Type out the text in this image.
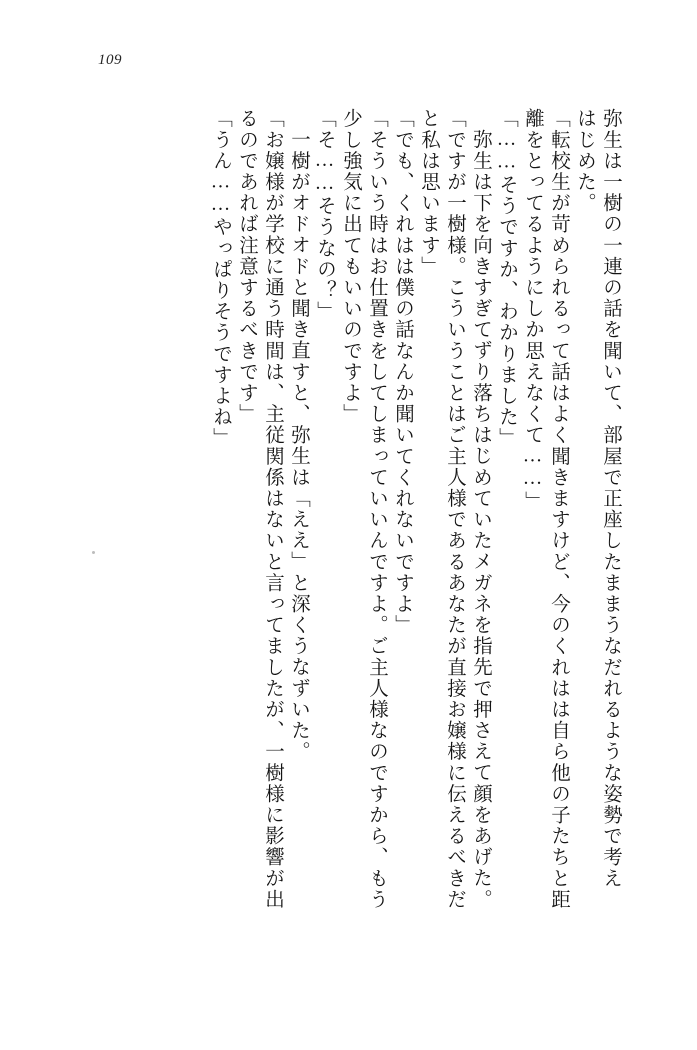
109
弥生は一樹の一連の話を聞いて、部屋で正座したままうなだれるような姿勢で考え
はじめた。
「転校生が苛められるって話はよく聞きますけど、今のくれはは自ら他の子たちと距
離をとってるようにしか思えなくて……」
「……そうですか、わかりました」
弥生は下を向きすぎてずり落ちはじめていたメガネを指先で押さえて顔をあげた。
「ですが一樹様。こういうことはご主人様であるあなたが直接お嬢様に伝えるべきだ
と私は思います」
「でも、くれはは僕の話なんか聞いてくれないですよ」
「そういう時はお仕置きをしてしまっていいんですよ。ご主人様なのですから、もう
少し強気に出てもいいのですよ」
「そ……そうなの？」
一樹がオドオドと聞き直すと、弥生は「ええ」と深くうなずいた。
「お嬢様が学校に通う時間は、主従関係はないと言ってましたが、一樹様に影響が出
るのであれば注意するべきです」
「うん……やっぱりそうですよね」
